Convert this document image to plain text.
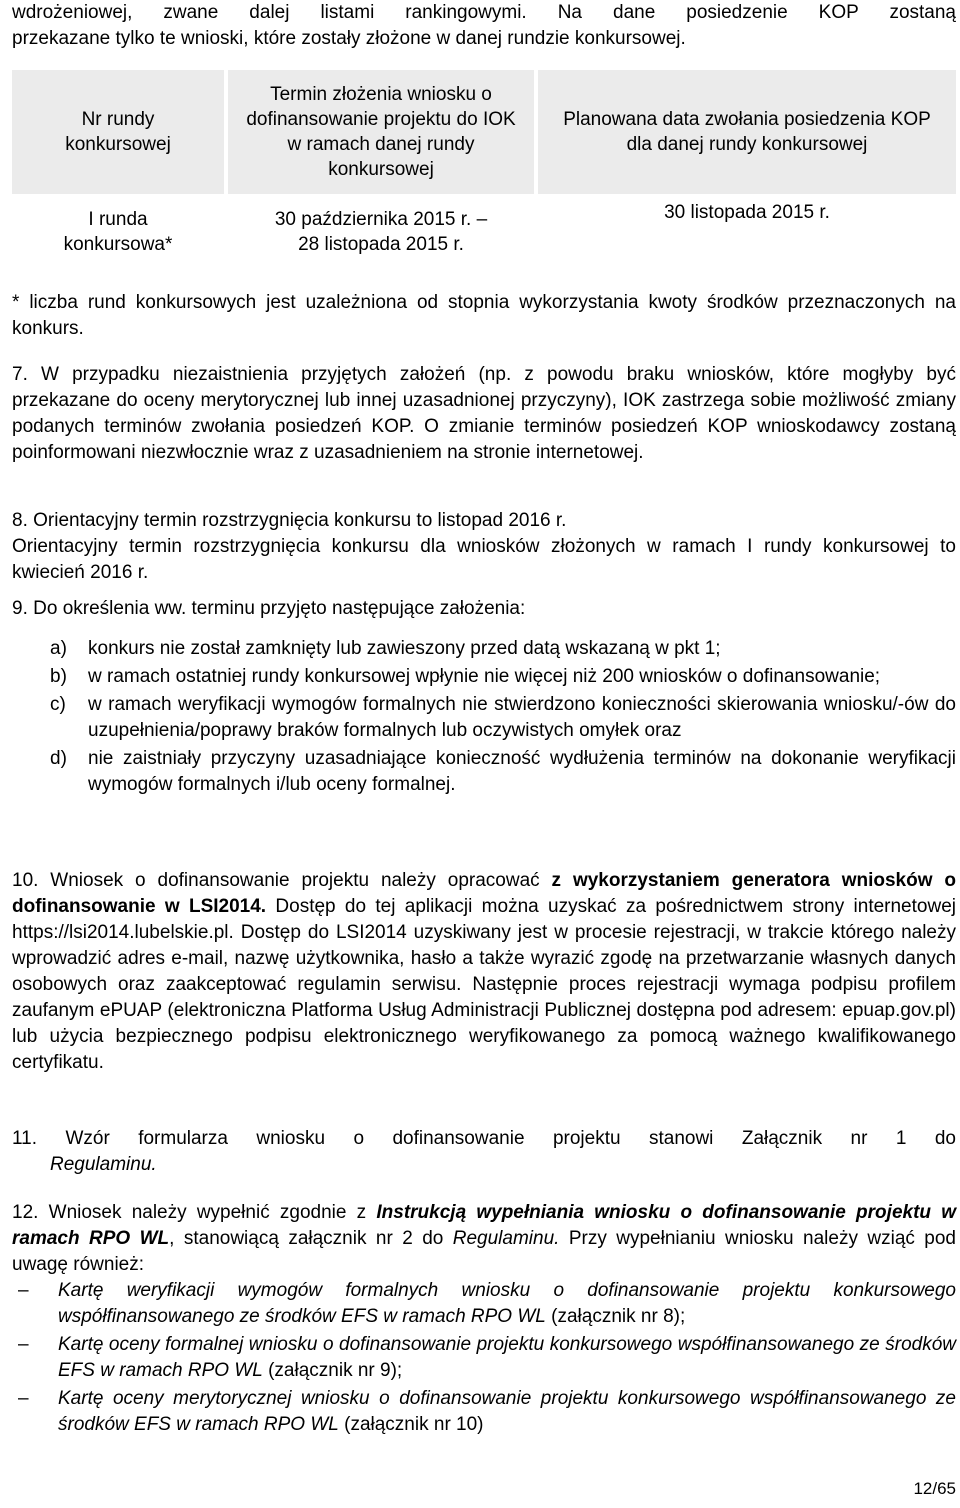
wdrożeniowej, zwane dalej listami rankingowymi. Na dane posiedzenie KOP zostaną

przekazane tylko te wnioski, które zostały złożone w danej rundzie konkursowej.

Nr rundy konkursowej
Termin złożenia wniosku o dofinansowanie projektu do IOK w ramach danej rundy konkursowej
Planowana data zwołania posiedzenia KOP dla danej rundy konkursowej
I runda konkursowa*
30 października 2015 r. –
28 listopada 2015 r.
30 listopada 2015 r.

* liczba rund konkursowych jest uzależniona od stopnia wykorzystania kwoty środków przeznaczonych na konkurs.

7. W przypadku niezaistnienia przyjętych założeń (np. z powodu braku wniosków, które mogłyby być przekazane do oceny merytorycznej lub innej uzasadnionej przyczyny), IOK zastrzega sobie możliwość zmiany podanych terminów zwołania posiedzeń KOP. O zmianie terminów posiedzeń KOP wnioskodawcy zostaną poinformowani niezwłocznie wraz z uzasadnieniem na stronie internetowej.

8. Orientacyjny termin rozstrzygnięcia konkursu to listopad 2016 r.

Orientacyjny termin rozstrzygnięcia konkursu dla wniosków złożonych w ramach I rundy konkursowej to kwiecień 2016 r.

9. Do określenia ww. terminu przyjęto następujące założenia:

a) konkurs nie został zamknięty lub zawieszony przed datą wskazaną w pkt 1;
b) w ramach ostatniej rundy konkursowej wpłynie nie więcej niż 200 wniosków o dofinansowanie;
c) w ramach weryfikacji wymogów formalnych nie stwierdzono konieczności skierowania wniosku/-ów do uzupełnienia/poprawy braków formalnych lub oczywistych omyłek oraz
d) nie zaistniały przyczyny uzasadniające konieczność wydłużenia terminów na dokonanie weryfikacji wymogów formalnych i/lub oceny formalnej.

10. Wniosek o dofinansowanie projektu należy opracować z wykorzystaniem generatora wniosków o dofinansowanie w LSI2014. Dostęp do tej aplikacji można uzyskać za pośrednictwem strony internetowej https://lsi2014.lubelskie.pl. Dostęp do LSI2014 uzyskiwany jest w procesie rejestracji, w trakcie którego należy wprowadzić adres e-mail, nazwę użytkownika, hasło a także wyrazić zgodę na przetwarzanie własnych danych osobowych oraz zaakceptować regulamin serwisu. Następnie proces rejestracji wymaga podpisu profilem zaufanym ePUAP (elektroniczna Platforma Usług Administracji Publicznej dostępna pod adresem: epuap.gov.pl) lub użycia bezpiecznego podpisu elektronicznego weryfikowanego za pomocą ważnego kwalifikowanego certyfikatu.

11. Wzór formularza wniosku o dofinansowanie projektu stanowi Załącznik nr 1 do

Regulaminu.

12. Wniosek należy wypełnić zgodnie z Instrukcją wypełniania wniosku o dofinansowanie projektu w ramach RPO WL, stanowiącą załącznik nr 2 do Regulaminu. Przy wypełnianiu wniosku należy wziąć pod uwagę również:

– Kartę weryfikacji wymogów formalnych wniosku o dofinansowanie projektu konkursowego współfinansowanego ze środków EFS w ramach RPO WL (załącznik nr 8);
– Kartę oceny formalnej wniosku o dofinansowanie projektu konkursowego współfinansowanego ze środków EFS w ramach RPO WL (załącznik nr 9);
– Kartę oceny merytorycznej wniosku o dofinansowanie projektu konkursowego współfinansowanego ze środków EFS w ramach RPO WL (załącznik nr 10)
12/65
